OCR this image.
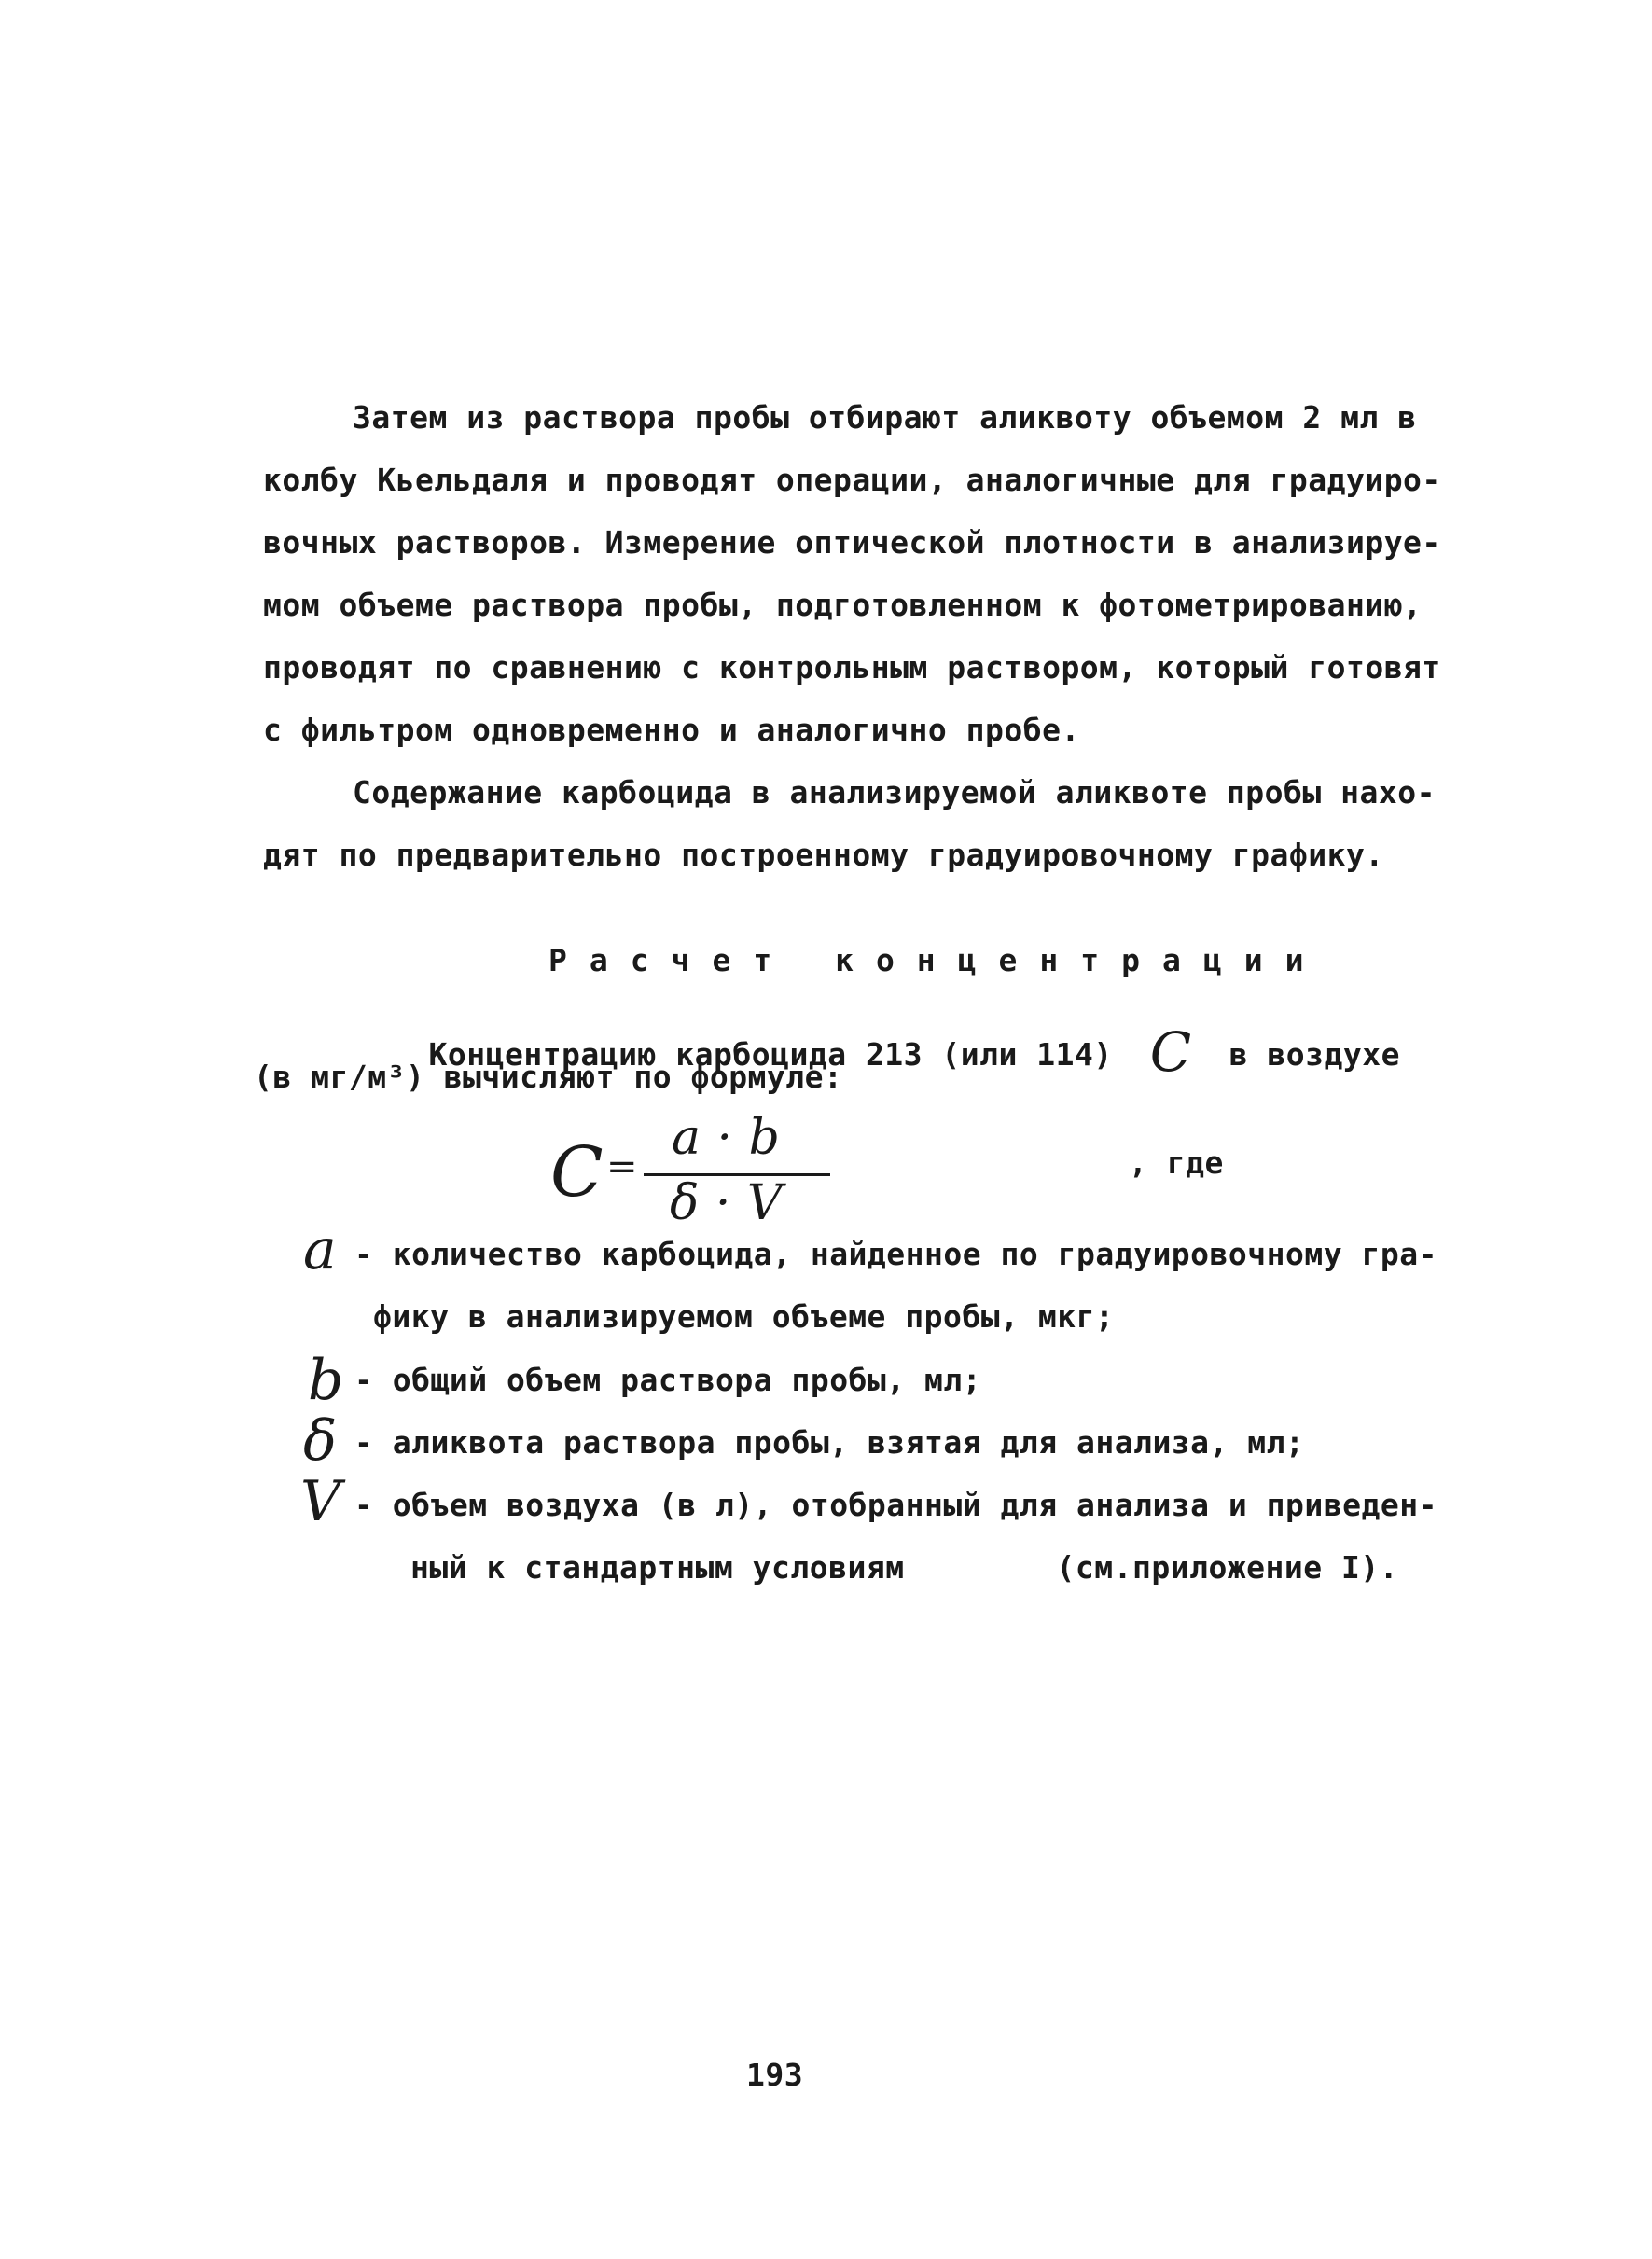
Затем из раствора пробы отбирают аликвоту объемом 2 мл в
колбу Кьельдаля и проводят операции, аналогичные для градуиро-
вочных растворов. Измерение оптической плотности в анализируе-
мом объеме раствора пробы, подготовленном к фотометрированию,
проводят по сравнению с контрольным раствором, который готовят
с фильтром одновременно и аналогично пробе.
Содержание карбоцида в анализируемой аликвоте пробы нахо-
дят по предварительно построенному градуировочному графику.
Расчет концентрации

Концентрацию карбоцида 213 (или 114) C в воздухе

(в мг/м³) вычисляют по формуле:
C =
a · b
δ · V
, где
a - количество карбоцида, найденное по градуировочному гра-
фику в анализируемом объеме пробы, мкг;
b - общий объем раствора пробы, мл;
δ - аликвота раствора пробы, взятая для анализа, мл;
V - объем воздуха (в л), отобранный для анализа и приведен-
ный к стандартным условиям        (см.приложение I).
193
